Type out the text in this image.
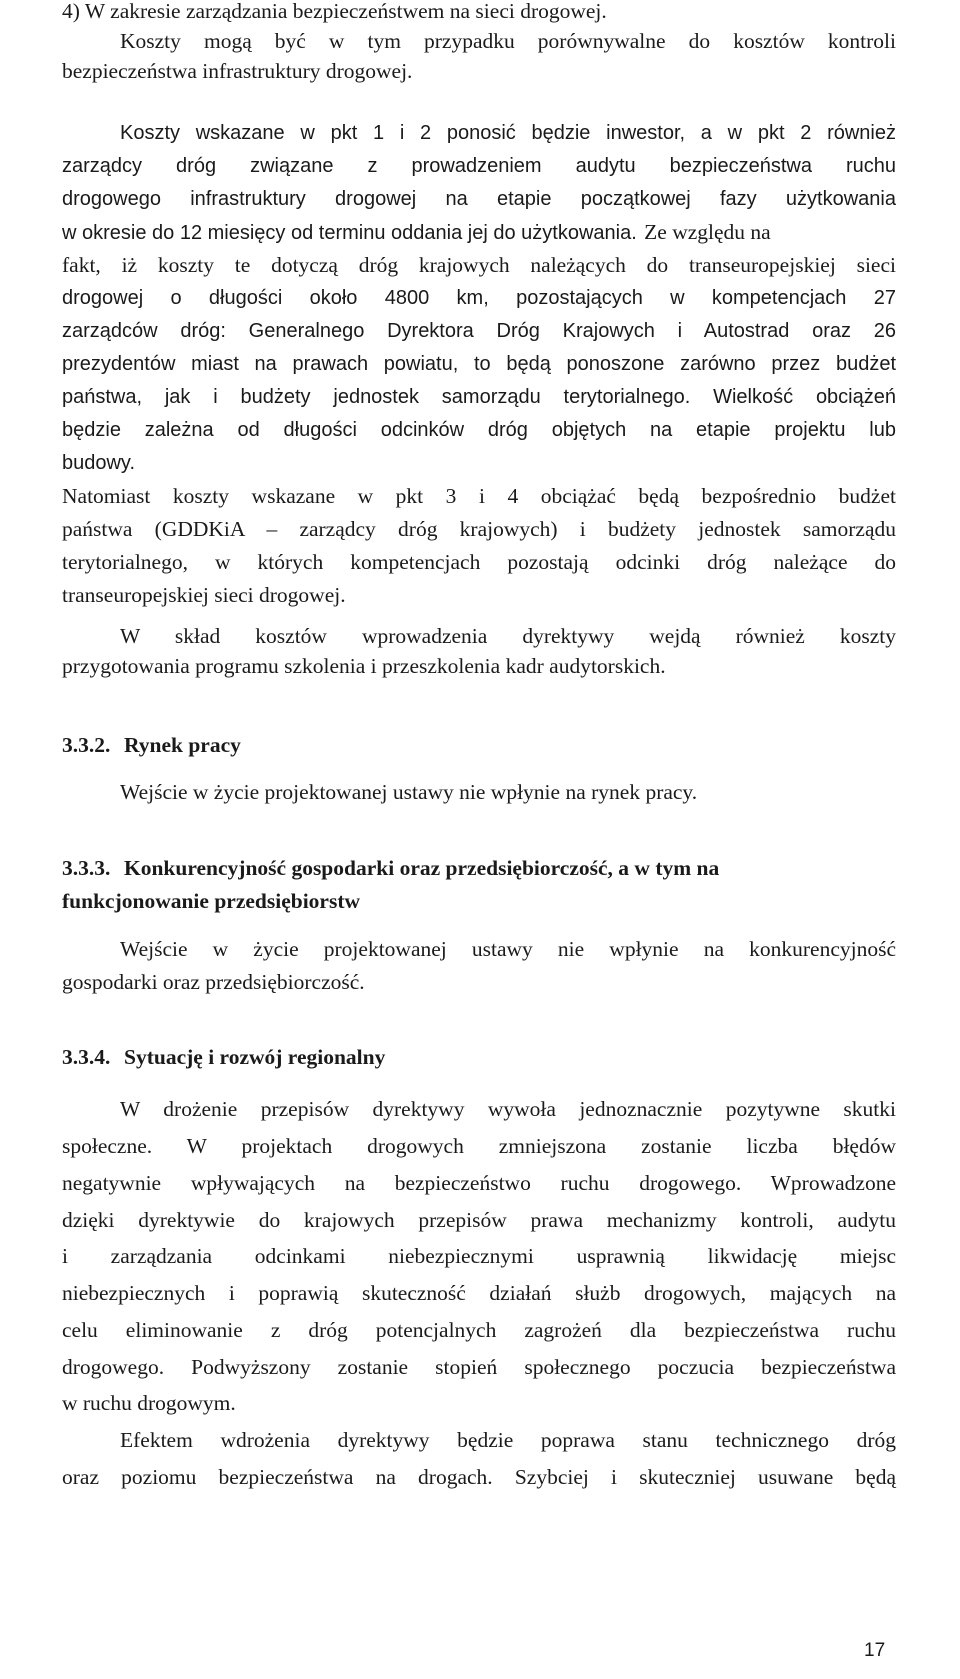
4) W zakresie zarządzania bezpieczeństwem na sieci drogowej.
Koszty mogą być w tym przypadku porównywalne do kosztów kontroli
bezpieczeństwa infrastruktury drogowej.
Koszty wskazane w pkt 1 i 2 ponosić będzie inwestor, a w pkt 2 również
zarządcy dróg związane z prowadzeniem audytu bezpieczeństwa ruchu
drogowego infrastruktury drogowej na etapie początkowej fazy użytkowania
w okresie do 12 miesięcy od terminu oddania jej do użytkowania. Ze względu na
fakt, iż koszty te dotyczą dróg krajowych należących do transeuropejskiej sieci
drogowej o długości około 4800 km, pozostających w kompetencjach 27
zarządców dróg: Generalnego Dyrektora Dróg Krajowych i Autostrad oraz 26
prezydentów miast na prawach powiatu, to będą ponoszone zarówno przez budżet
państwa, jak i budżety jednostek samorządu terytorialnego. Wielkość obciążeń
będzie zależna od długości odcinków dróg objętych na etapie projektu lub
budowy.
Natomiast koszty wskazane w pkt 3 i 4 obciążać będą bezpośrednio budżet
państwa (GDDKiA – zarządcy dróg krajowych) i budżety jednostek samorządu
terytorialnego, w których kompetencjach pozostają odcinki dróg należące do
transeuropejskiej sieci drogowej.
W skład kosztów wprowadzenia dyrektywy wejdą również koszty
przygotowania programu szkolenia i przeszkolenia kadr audytorskich.
3.3.2. Rynek pracy
Wejście w życie projektowanej ustawy nie wpłynie na rynek pracy.
3.3.3. Konkurencyjność gospodarki oraz przedsiębiorczość, a w tym na
funkcjonowanie przedsiębiorstw
Wejście w życie projektowanej ustawy nie wpłynie na konkurencyjność
gospodarki oraz przedsiębiorczość.
3.3.4. Sytuację i rozwój regionalny
W drożenie przepisów dyrektywy wywoła jednoznacznie pozytywne skutki
społeczne. W projektach drogowych zmniejszona zostanie liczba błędów
negatywnie wpływających na bezpieczeństwo ruchu drogowego. Wprowadzone
dzięki dyrektywie do krajowych przepisów prawa mechanizmy kontroli, audytu
i zarządzania odcinkami niebezpiecznymi usprawnią likwidację miejsc
niebezpiecznych i poprawią skuteczność działań służb drogowych, mających na
celu eliminowanie z dróg potencjalnych zagrożeń dla bezpieczeństwa ruchu
drogowego. Podwyższony zostanie stopień społecznego poczucia bezpieczeństwa
w ruchu drogowym.
Efektem wdrożenia dyrektywy będzie poprawa stanu technicznego dróg
oraz poziomu bezpieczeństwa na drogach. Szybciej i skuteczniej usuwane będą
17
